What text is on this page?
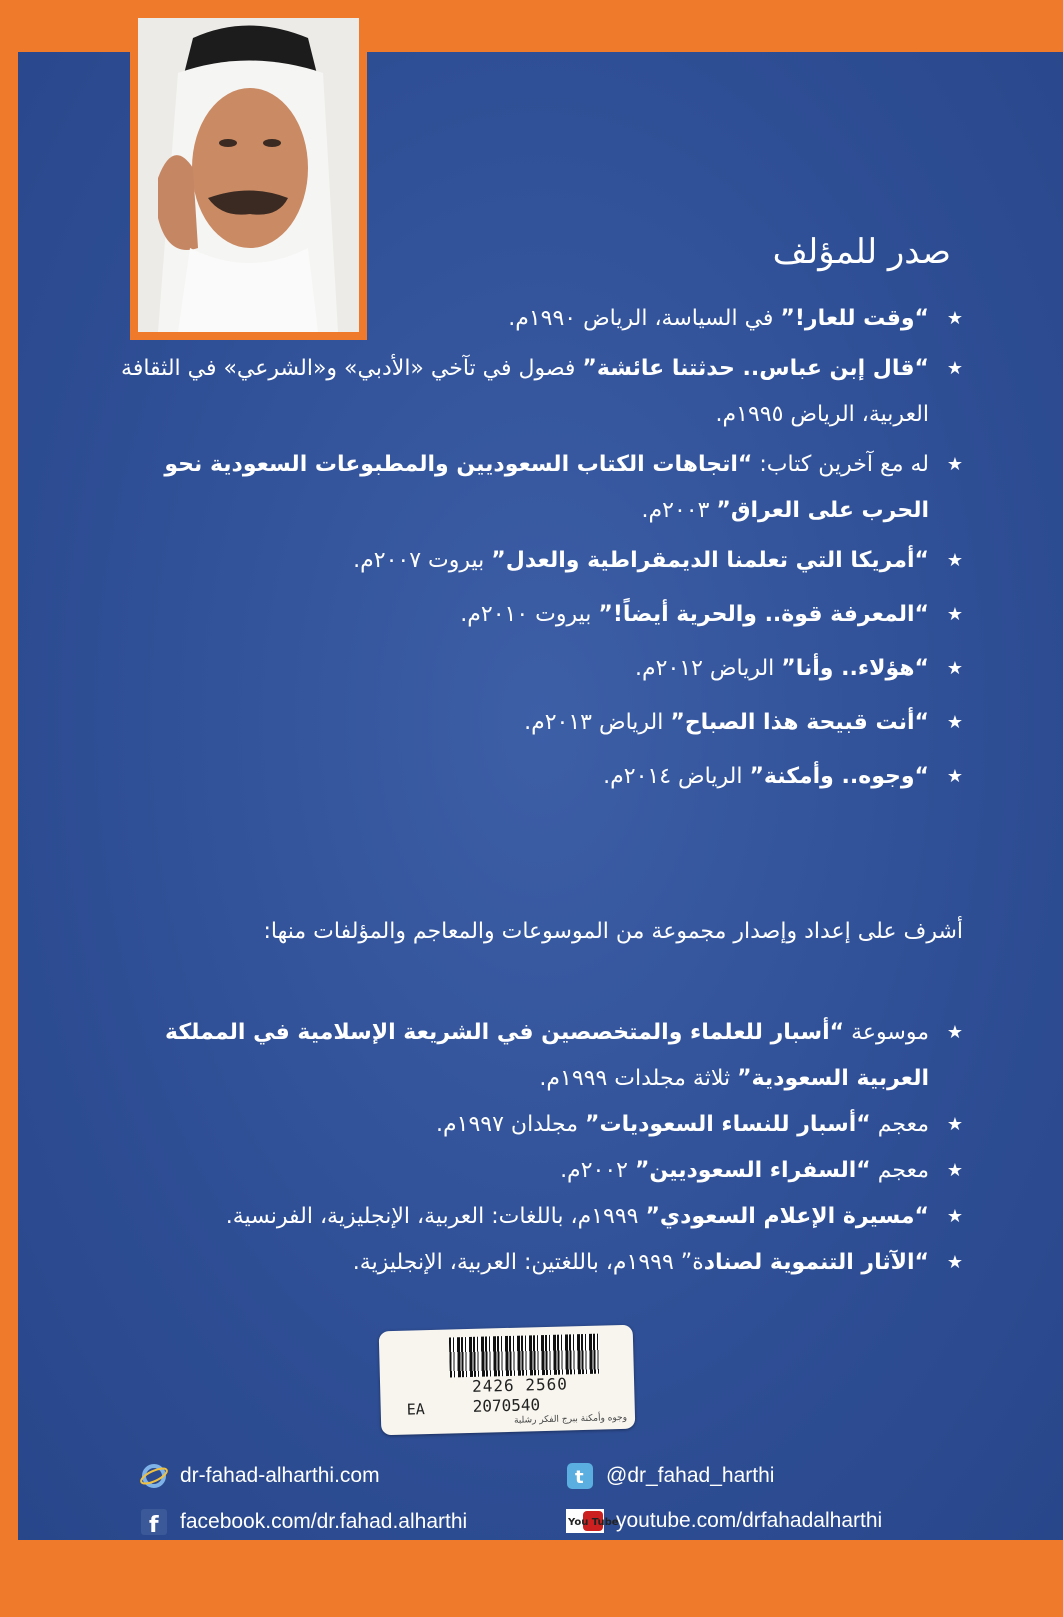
صدر للمؤلف
★
“وقت للعار!” في السياسة، الرياض ١٩٩٠م.
★
“قال إبن عباس.. حدثتنا عائشة” فصول في تآخي «الأدبي» و«الشرعي» في الثقافة العربية، الرياض ١٩٩٥م.
★
له مع آخرين كتاب: “اتجاهات الكتاب السعوديين والمطبوعات السعودية نحو الحرب على العراق” ٢٠٠٣م.
★
“أمريكا التي تعلمنا الديمقراطية والعدل” بيروت ٢٠٠٧م.
★
“المعرفة قوة.. والحرية أيضاً!” بيروت ٢٠١٠م.
★
“هؤلاء.. وأنا” الرياض ٢٠١٢م.
★
“أنت قبيحة هذا الصباح” الرياض ٢٠١٣م.
★
“وجوه.. وأمكنة” الرياض ٢٠١٤م.
أشرف على إعداد وإصدار مجموعة من الموسوعات والمعاجم والمؤلفات منها:
★
موسوعة “أسبار للعلماء والمتخصصين في الشريعة الإسلامية في المملكة العربية السعودية” ثلاثة مجلدات ١٩٩٩م.
★
معجم “أسبار للنساء السعوديات” مجلدان ١٩٩٧م.
★
معجم “السفراء السعوديين” ٢٠٠٢م.
★
“مسيرة الإعلام السعودي” ١٩٩٩م، باللغات: العربية، الإنجليزية، الفرنسية.
★
“الآثار التنموية لصنادة” ١٩٩٩م، باللغتين: العربية، الإنجليزية.
2426 2560
EA	2070540
وجوه وأمكنة ببرج الفكر رشلبة
dr-fahad-alharthi.com	t @dr_fahad_harthi
f facebook.com/dr.fahad.alharthi	You Tube
youtube.com/drfahadalharthi
